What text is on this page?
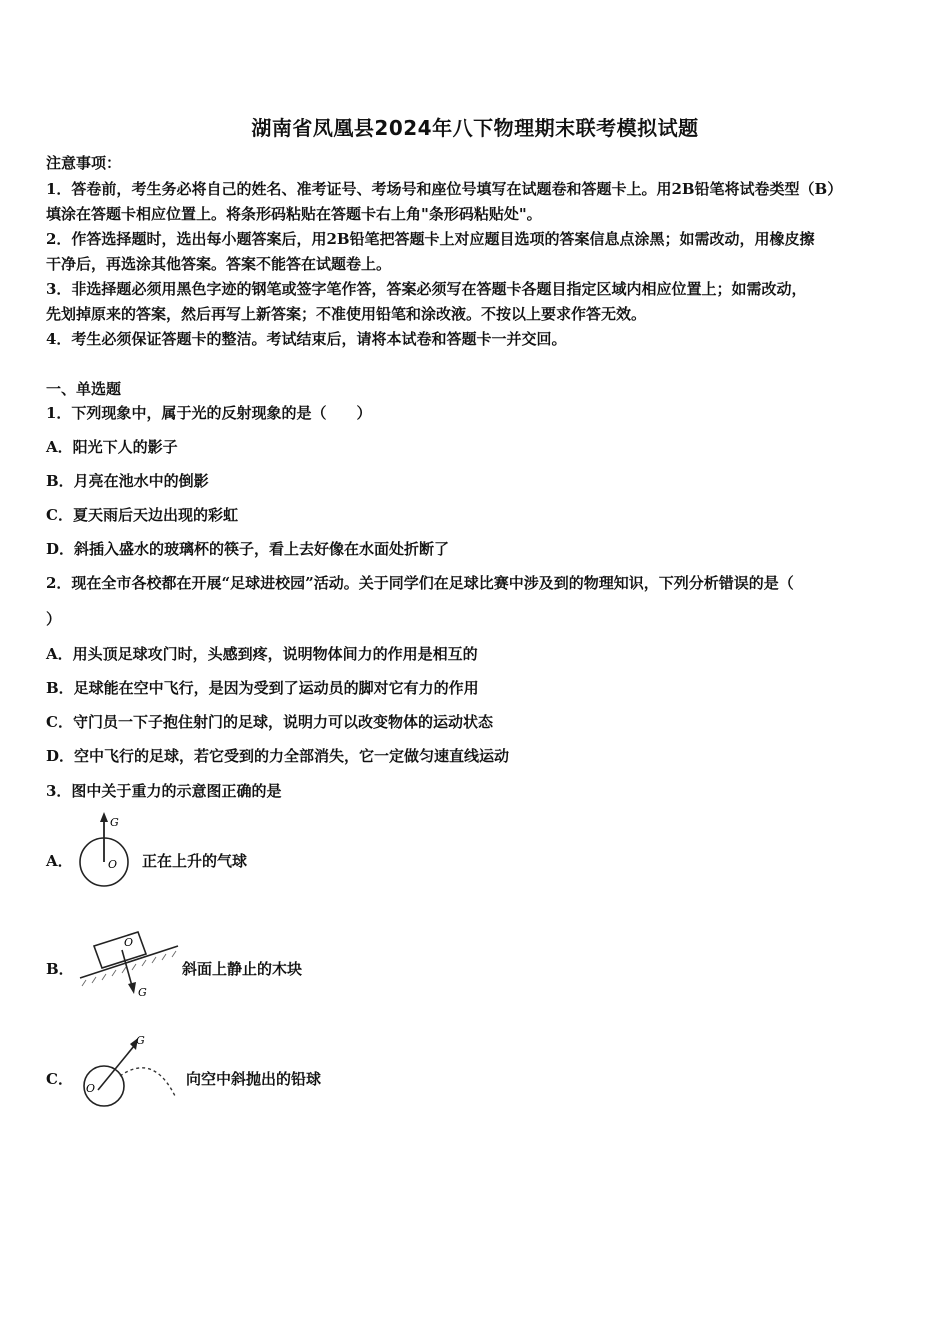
湖南省凤凰县2024年八下物理期末联考模拟试题
注意事项：
1．答卷前，考生务必将自己的姓名、准考证号、考场号和座位号填写在试题卷和答题卡上。用2B铅笔将试卷类型（B）
填涂在答题卡相应位置上。将条形码粘贴在答题卡右上角"条形码粘贴处"。
2．作答选择题时，选出每小题答案后，用2B铅笔把答题卡上对应题目选项的答案信息点涂黑；如需改动，用橡皮擦
干净后，再选涂其他答案。答案不能答在试题卷上。
3．非选择题必须用黑色字迹的钢笔或签字笔作答，答案必须写在答题卡各题目指定区域内相应位置上；如需改动，
先划掉原来的答案，然后再写上新答案；不准使用铅笔和涂改液。不按以上要求作答无效。
4．考生必须保证答题卡的整洁。考试结束后，请将本试卷和答题卡一并交回。
一、单选题
1．下列现象中，属于光的反射现象的是（　　）
A．阳光下人的影子
B．月亮在池水中的倒影
C．夏天雨后天边出现的彩虹
D．斜插入盛水的玻璃杯的筷子，看上去好像在水面处折断了
2．现在全市各校都在开展“足球进校园”活动。关于同学们在足球比赛中涉及到的物理知识，下列分析错误的是（
）
A．用头顶足球攻门时，头感到疼，说明物体间力的作用是相互的
B．足球能在空中飞行，是因为受到了运动员的脚对它有力的作用
C．守门员一下子抱住射门的足球，说明力可以改变物体的运动状态
D．空中飞行的足球，若它受到的力全部消失，它一定做匀速直线运动
3．图中关于重力的示意图正确的是
A．
G
O 正在上升的气球
B．
O
G
斜面上静止的木块
C．
G
O
向空中斜抛出的铅球
